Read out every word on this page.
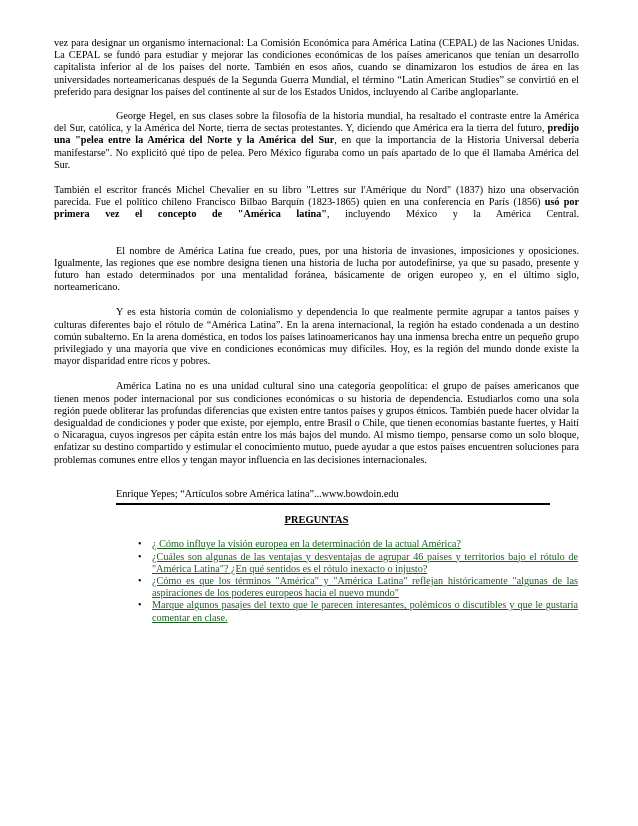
vez para designar un organismo internacional: La Comisión Económica para América Latina (CEPAL) de las Naciones Unidas. La CEPAL se fundó para estudiar y mejorar las condiciones económicas de los países americanos que tenían un desarrollo capitalista inferior al de los países del norte. También en esos años, cuando se dinamizaron los estudios de área en las universidades norteamericanas después de la Segunda Guerra Mundial, el término “Latin American Studies” se convirtió en el preferido para designar los países del continente al sur de los Estados Unidos, incluyendo al Caribe angloparlante.

George Hegel, en sus clases sobre la filosofía de la historia mundial, ha resaltado el contraste entre la América del Sur, católica, y la América del Norte, tierra de sectas protestantes. Y, diciendo que América era la tierra del futuro, predijo una "pelea entre la América del Norte y la América del Sur, en que la importancia de la Historia Universal debería manifestarse". No explicitó qué tipo de pelea. Pero México figuraba como un país apartado de lo que él llamaba América del Sur.

También el escritor francés Michel Chevalier en su libro "Lettres sur l'Amérique du Nord" (1837) hizo una observación parecida. Fue el político chileno Francisco Bilbao Barquín (1823-1865) quien en una conferencia en París (1856) usó por primera vez el concepto de "América latina", incluyendo México y la América Central.

El nombre de América Latina fue creado, pues, por una historia de invasiones, imposiciones y oposiciones. Igualmente, las regiones que ese nombre designa tienen una historia de lucha por autodefinirse, ya que su pasado, presente y futuro han estado determinados por una mentalidad foránea, básicamente de origen europeo y, en el último siglo, norteamericano.

Y es esta historia común de colonialismo y dependencia lo que realmente permite agrupar a tantos países y culturas diferentes bajo el rótulo de “América Latina”. En la arena internacional, la región ha estado condenada a un destino común subalterno. En la arena doméstica, en todos los países latinoamericanos hay una inmensa brecha entre un pequeño grupo privilegiado y una mayoría que vive en condiciones económicas muy difíciles. Hoy, es la región del mundo donde existe la mayor disparidad entre ricos y pobres.

América Latina no es una unidad cultural sino una categoría geopolítica: el grupo de países americanos que tienen menos poder internacional por sus condiciones económicas o su historia de dependencia. Estudiarlos como una sola región puede obliterar las profundas diferencias que existen entre tantos países y grupos étnicos. También puede hacer olvidar la desigualdad de condiciones y poder que existe, por ejemplo, entre Brasil o Chile, que tienen economías bastante fuertes, y Haití o Nicaragua, cuyos ingresos per cápita están entre los más bajos del mundo. Al mismo tiempo, pensarse como un solo bloque, enfatizar su destino compartido y estimular el conocimiento mutuo, puede ayudar a que estos países encuentren soluciones para problemas comunes entre ellos y tengan mayor influencia en las decisiones internacionales.

Enrique Yepes; “Artículos sobre América latina”...www.bowdoin.edu
PREGUNTAS
• ¿ Cómo influye la visión europea en la determinación de la actual América?
• ¿Cuáles son algunas de las ventajas y desventajas de agrupar 46 países y territorios bajo el rótulo de "América Latina"? ¿En qué sentidos es el rótulo inexacto o injusto?
• ¿Cómo es que los términos "América" y "América Latina" reflejan históricamente "algunas de las aspiraciones de los poderes europeos hacia el nuevo mundo"
• Marque algunos pasajes del texto que le parecen interesantes, polémicos o discutibles y que le gustaría comentar en clase.
